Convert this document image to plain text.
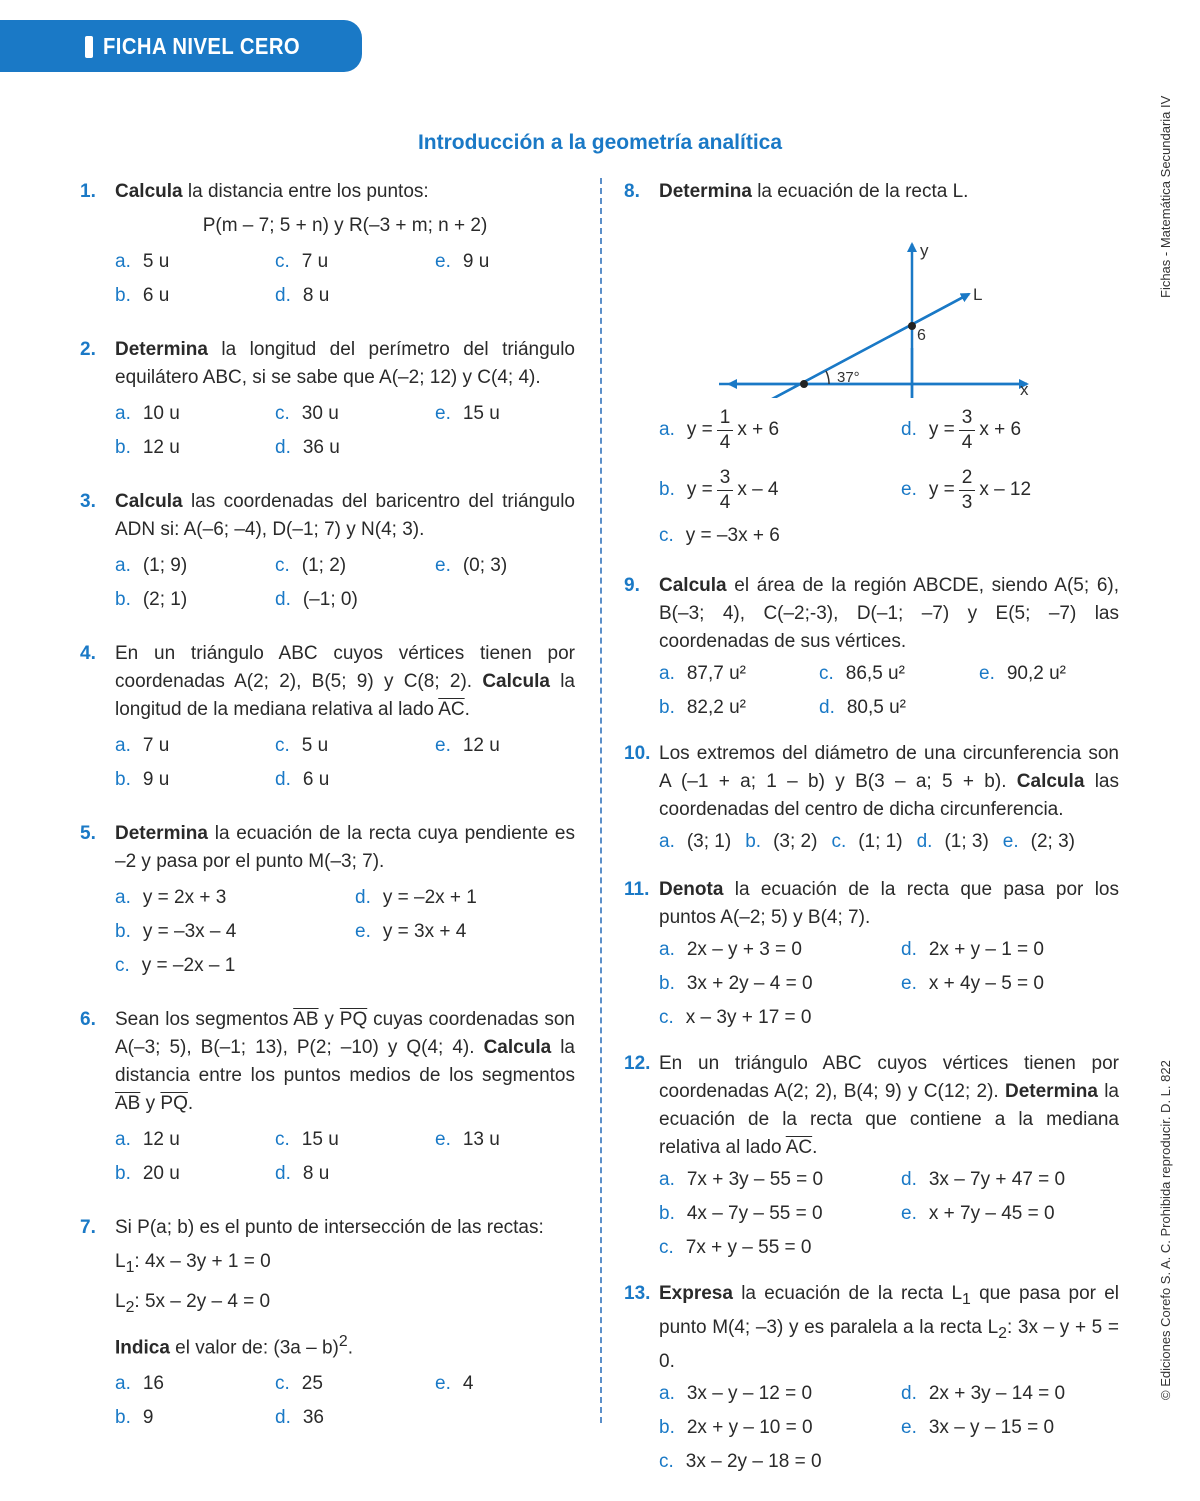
FICHA NIVEL CERO
Introducción a la geometría analítica	Fichas - Matemática Secundaria IV
© Ediciones Corefo S. A. C. Prohibida reproducir. D. L. 822
1. Calcula la distancia entre los puntos:

P(m – 7; 5 + n) y R(–3 + m; n + 2)
a. 5 u	c. 7 u	e. 9 u
b. 6 u	d. 8 u
2. Determina la longitud del perímetro del triángulo equilátero ABC, si se sabe que A(–2; 12) y C(4; 4).

a. 10 u	c. 30 u	e. 15 u
b. 12 u	d. 36 u
3. Calcula las coordenadas del baricentro del triángulo ADN si: A(–6; –4), D(–1; 7) y N(4; 3).

a. (1; 9)	c. (1; 2)	e. (0; 3)
b. (2; 1)	d. (–1; 0)
4. En un triángulo ABC cuyos vértices tienen por coordenadas A(2; 2), B(5; 9) y C(8; 2). Calcula la longitud de la mediana relativa al lado $\overline{AC}$.

a. 7 u	c. 5 u	e. 12 u
b. 9 u	d. 6 u
5. Determina la ecuación de la recta cuya pendiente es –2 y pasa por el punto M(–3; 7).

a. y = 2x + 3	d. y = –2x + 1
b. y = –3x – 4	e. y = 3x + 4
c. y = –2x – 1
6. Sean los segmentos $\overline{AB}$ y $\overline{PQ}$ cuyas coordenadas son A(–3; 5), B(–1; 13), P(2; –10) y Q(4; 4). Calcula la distancia entre los puntos medios de los segmentos $\overline{AB}$ y $\overline{PQ}$.

a. 12 u	c. 15 u	e. 13 u
b. 20 u	d. 8 u
7. Si P(a; b) es el punto de intersección de las rectas:

$L_1$: 4x – 3y + 1 = 0
$L_2$: 5x – 2y – 4 = 0
Indica el valor de: (3a – b)$^2$.
a. 16	c. 25	e. 4
b. 9	d. 36
8. Determina la ecuación de la recta L.

y
x
L
6
37°
a. $y = \frac{1}{4}$ x + 6	d. $y = \frac{3}{4}$ x + 6
b. $y = \frac{3}{4}$ x – 4	e. $y = \frac{2}{3}$ x – 12
c. y = –3x + 6
9. Calcula el área de la región ABCDE, siendo A(5; 6), B(–3; 4), C(–2;-3), D(–1; –7) y E(5; –7) las coordenadas de sus vértices.

a. 87,7 u²	c. 86,5 u²	e. 90,2 u²
b. 82,2 u²	d. 80,5 u²
10. Los extremos del diámetro de una circunferencia son A (–1 + a; 1 – b) y B(3 – a; 5 + b). Calcula las coordenadas del centro de dicha circunferencia.

a. (3; 1) b. (3; 2) c. (1; 1) d. (1; 3) e. (2; 3)
11. Denota la ecuación de la recta que pasa por los puntos A(–2; 5) y B(4; 7).

a. 2x – y + 3 = 0	d. 2x + y – 1 = 0
b. 3x + 2y – 4 = 0	e. x + 4y – 5 = 0
c. x – 3y + 17 = 0
12. En un triángulo ABC cuyos vértices tienen por coordenadas A(2; 2), B(4; 9) y C(12; 2). Determina la ecuación de la recta que contiene a la mediana relativa al lado $\overline{AC}$.

a. 7x + 3y – 55 = 0	d. 3x – 7y + 47 = 0
b. 4x – 7y – 55 = 0	e. x + 7y – 45 = 0
c. 7x + y – 55 = 0
13. Expresa la ecuación de la recta $L_1$ que pasa por el punto M(4; –3) y es paralela a la recta $L_2$: 3x – y + 5 = 0.

a. 3x – y – 12 = 0	d. 2x + 3y – 14 = 0
b. 2x + y – 10 = 0	e. 3x – y – 15 = 0
c. 3x – 2y – 18 = 0
